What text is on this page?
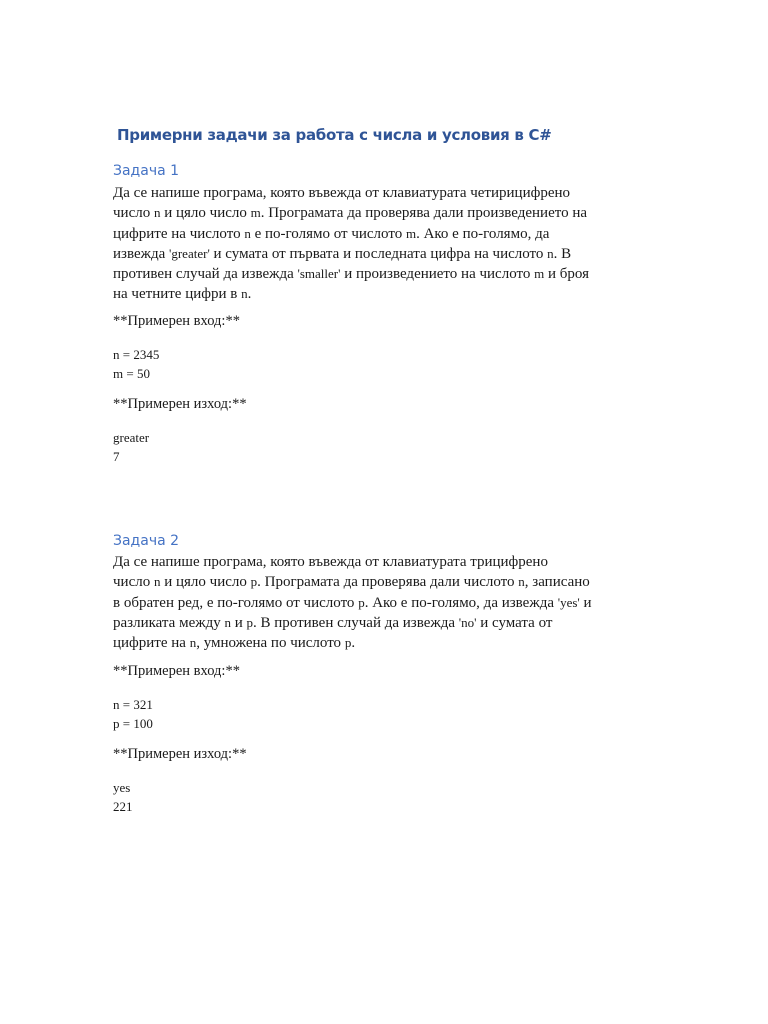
Примерни задачи за работа с числа и условия в C#
Задача 1
Да се напише програма, която въвежда от клавиатурата четирицифрено
число n и цяло число m. Програмата да проверява дали произведението на
цифрите на числото n е по-голямо от числото m. Ако е по-голямо, да
извежда 'greater' и сумата от първата и последната цифра на числото n. В
противен случай да извежда 'smaller' и произведението на числото m и броя
на четните цифри в n.

**Примерен вход:**

n = 2345
m = 50

**Примерен изход:**

greater
7
Задача 2
Да се напише програма, която въвежда от клавиатурата трицифрено
число n и цяло число p. Програмата да проверява дали числото n, записано
в обратен ред, е по-голямо от числото p. Ако е по-голямо, да извежда 'yes' и
разликата между n и p. В противен случай да извежда 'no' и сумата от
цифрите на n, умножена по числото p.

**Примерен вход:**

n = 321
p = 100

**Примерен изход:**

yes
221
